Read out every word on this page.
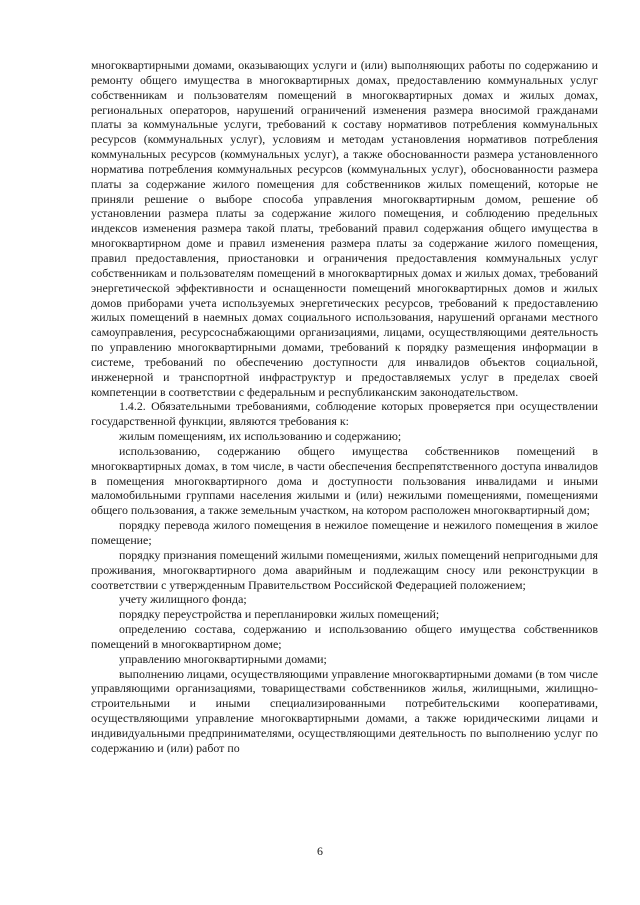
многоквартирными домами, оказывающих услуги и (или) выполняющих работы по содержанию и ремонту общего имущества в многоквартирных домах, предоставлению коммунальных услуг собственникам и пользователям помещений в многоквартирных домах и жилых домах, региональных операторов, нарушений ограничений изменения размера вносимой гражданами платы за коммунальные услуги, требований к составу нормативов потребления коммунальных ресурсов (коммунальных услуг), условиям и методам установления нормативов потребления коммунальных ресурсов (коммунальных услуг), а также обоснованности размера установленного норматива потребления коммунальных ресурсов (коммунальных услуг), обоснованности размера платы за содержание жилого помещения для собственников жилых помещений, которые не приняли решение о выборе способа управления многоквартирным домом, решение об установлении размера платы за содержание жилого помещения, и соблюдению предельных индексов изменения размера такой платы, требований правил содержания общего имущества в многоквартирном доме и правил изменения размера платы за содержание жилого помещения, правил предоставления, приостановки и ограничения предоставления коммунальных услуг собственникам и пользователям помещений в многоквартирных домах и жилых домах, требований энергетической эффективности и оснащенности помещений многоквартирных домов и жилых домов приборами учета используемых энергетических ресурсов, требований к предоставлению жилых помещений в наемных домах социального использования, нарушений органами местного самоуправления, ресурсоснабжающими организациями, лицами, осуществляющими деятельность по управлению многоквартирными домами, требований к порядку размещения информации в системе, требований по обеспечению доступности для инвалидов объектов социальной, инженерной и транспортной инфраструктур и предоставляемых услуг в пределах своей компетенции в соответствии с федеральным и республиканским законодательством.

1.4.2. Обязательными требованиями, соблюдение которых проверяется при осуществлении государственной функции, являются требования к:

жилым помещениям, их использованию и содержанию;

использованию, содержанию общего имущества собственников помещений в многоквартирных домах, в том числе, в части обеспечения беспрепятственного доступа инвалидов в помещения многоквартирного дома и доступности пользования инвалидами и иными маломобильными группами населения жилыми и (или) нежилыми помещениями, помещениями общего пользования, а также земельным участком, на котором расположен многоквартирный дом;

порядку перевода жилого помещения в нежилое помещение и нежилого помещения в жилое помещение;

порядку признания помещений жилыми помещениями, жилых помещений непригодными для проживания, многоквартирного дома аварийным и подлежащим сносу или реконструкции в соответствии с утвержденным Правительством Российской Федерацией положением;

учету жилищного фонда;

порядку переустройства и перепланировки жилых помещений;

определению состава, содержанию и использованию общего имущества собственников помещений в многоквартирном доме;

управлению многоквартирными домами;

выполнению лицами, осуществляющими управление многоквартирными домами (в том числе управляющими организациями, товариществами собственников жилья, жилищными, жилищно-строительными и иными специализированными потребительскими кооперативами, осуществляющими управление многоквартирными домами, а также юридическими лицами и индивидуальными предпринимателями, осуществляющими деятельность по выполнению услуг по содержанию и (или) работ по

6
